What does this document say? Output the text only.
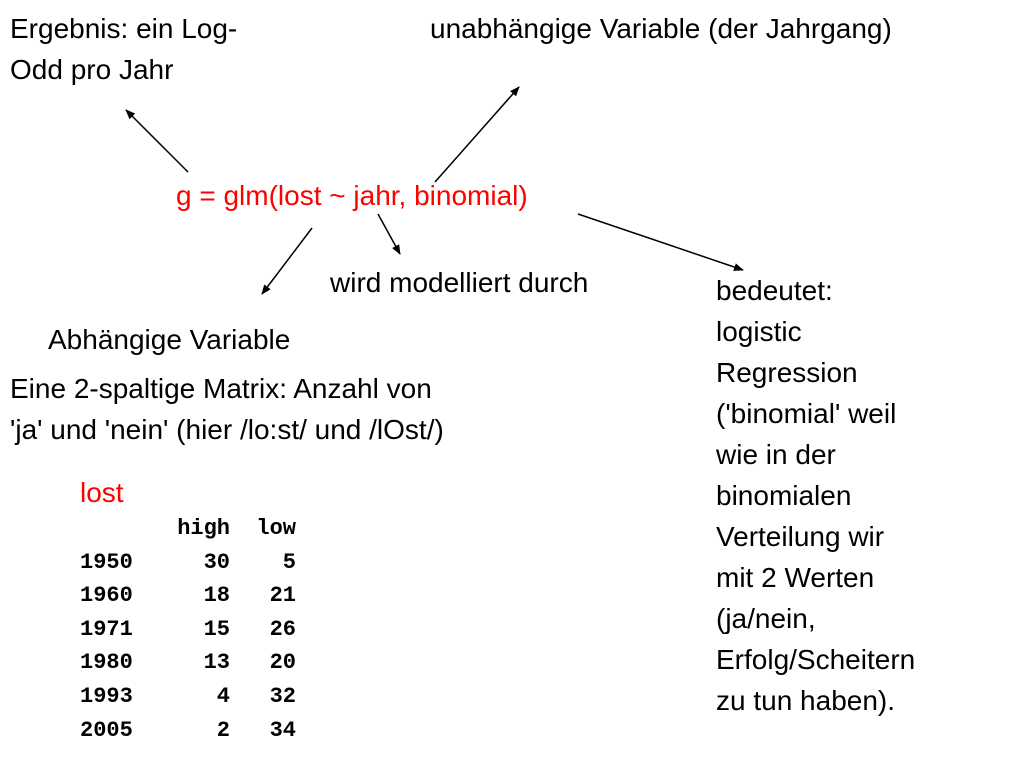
Ergebnis: ein Log-
Odd pro Jahr
unabhängige Variable (der Jahrgang)
g = glm(lost ~ jahr, binomial)
wird modelliert durch
Abhängige Variable
Eine 2-spaltige Matrix: Anzahl von
'ja' und 'nein' (hier /lo:st/ und /lOst/)
bedeutet:
logistic
Regression
('binomial' weil
wie in der
binomialen
Verteilung wir
mit 2 Werten
(ja/nein,
Erfolg/Scheitern
zu tun haben).
lost
	high	low
1950	30	5
1960	18	21
1971	15	26
1980	13	20
1993	4	32
2005	2	34
